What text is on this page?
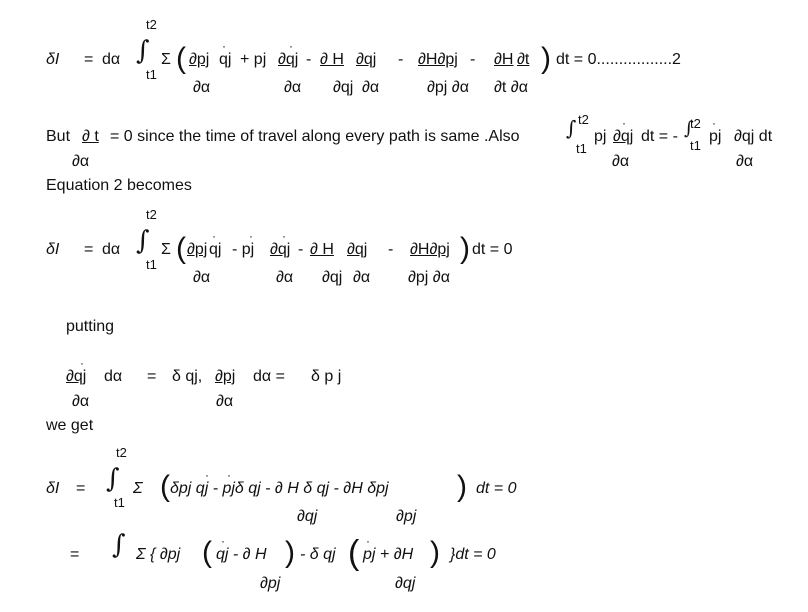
δI = dα
t2
∫
t1
Σ ( ∂pj
·
qj + pj
·
∂qj - ∂ H ∂qj - ∂H∂pj - ∂H ∂t ) dt = 0.................2
∂α	∂α ∂qj ∂α	∂pj ∂α ∂t ∂α
Βut ∂ t = 0 since the time of travel along every path is same .Also
t2
∫
t1
pj
·
∂qj dt = -
t2
∫
t1
·
pj ∂qj dt
∂α	∂α	∂α
Equation 2 becomes
t2
δI = dα ∫
t1
Σ ( ∂pj
·
qj
·
- pj
·
∂qj - ∂ H ∂qj - ∂H∂pj ) dt = 0
∂α	∂α ∂qj ∂α ∂pj ∂α
putting
·
∂qj dα = δ qj, ∂pj dα = δ p j
∂α	∂α
we get
t2
δI = ∫
t1
Σ (	· ·
δpj qj - pjδ qj - ∂ H δ qj - ∂H δpj ) dt = 0
∂qj	∂pj
= ∫ Σ { ∂pj ( ·
qj - ∂ H ) - δ qj ( ·
pj + ∂H ) }dt = 0
∂pj	∂qj
